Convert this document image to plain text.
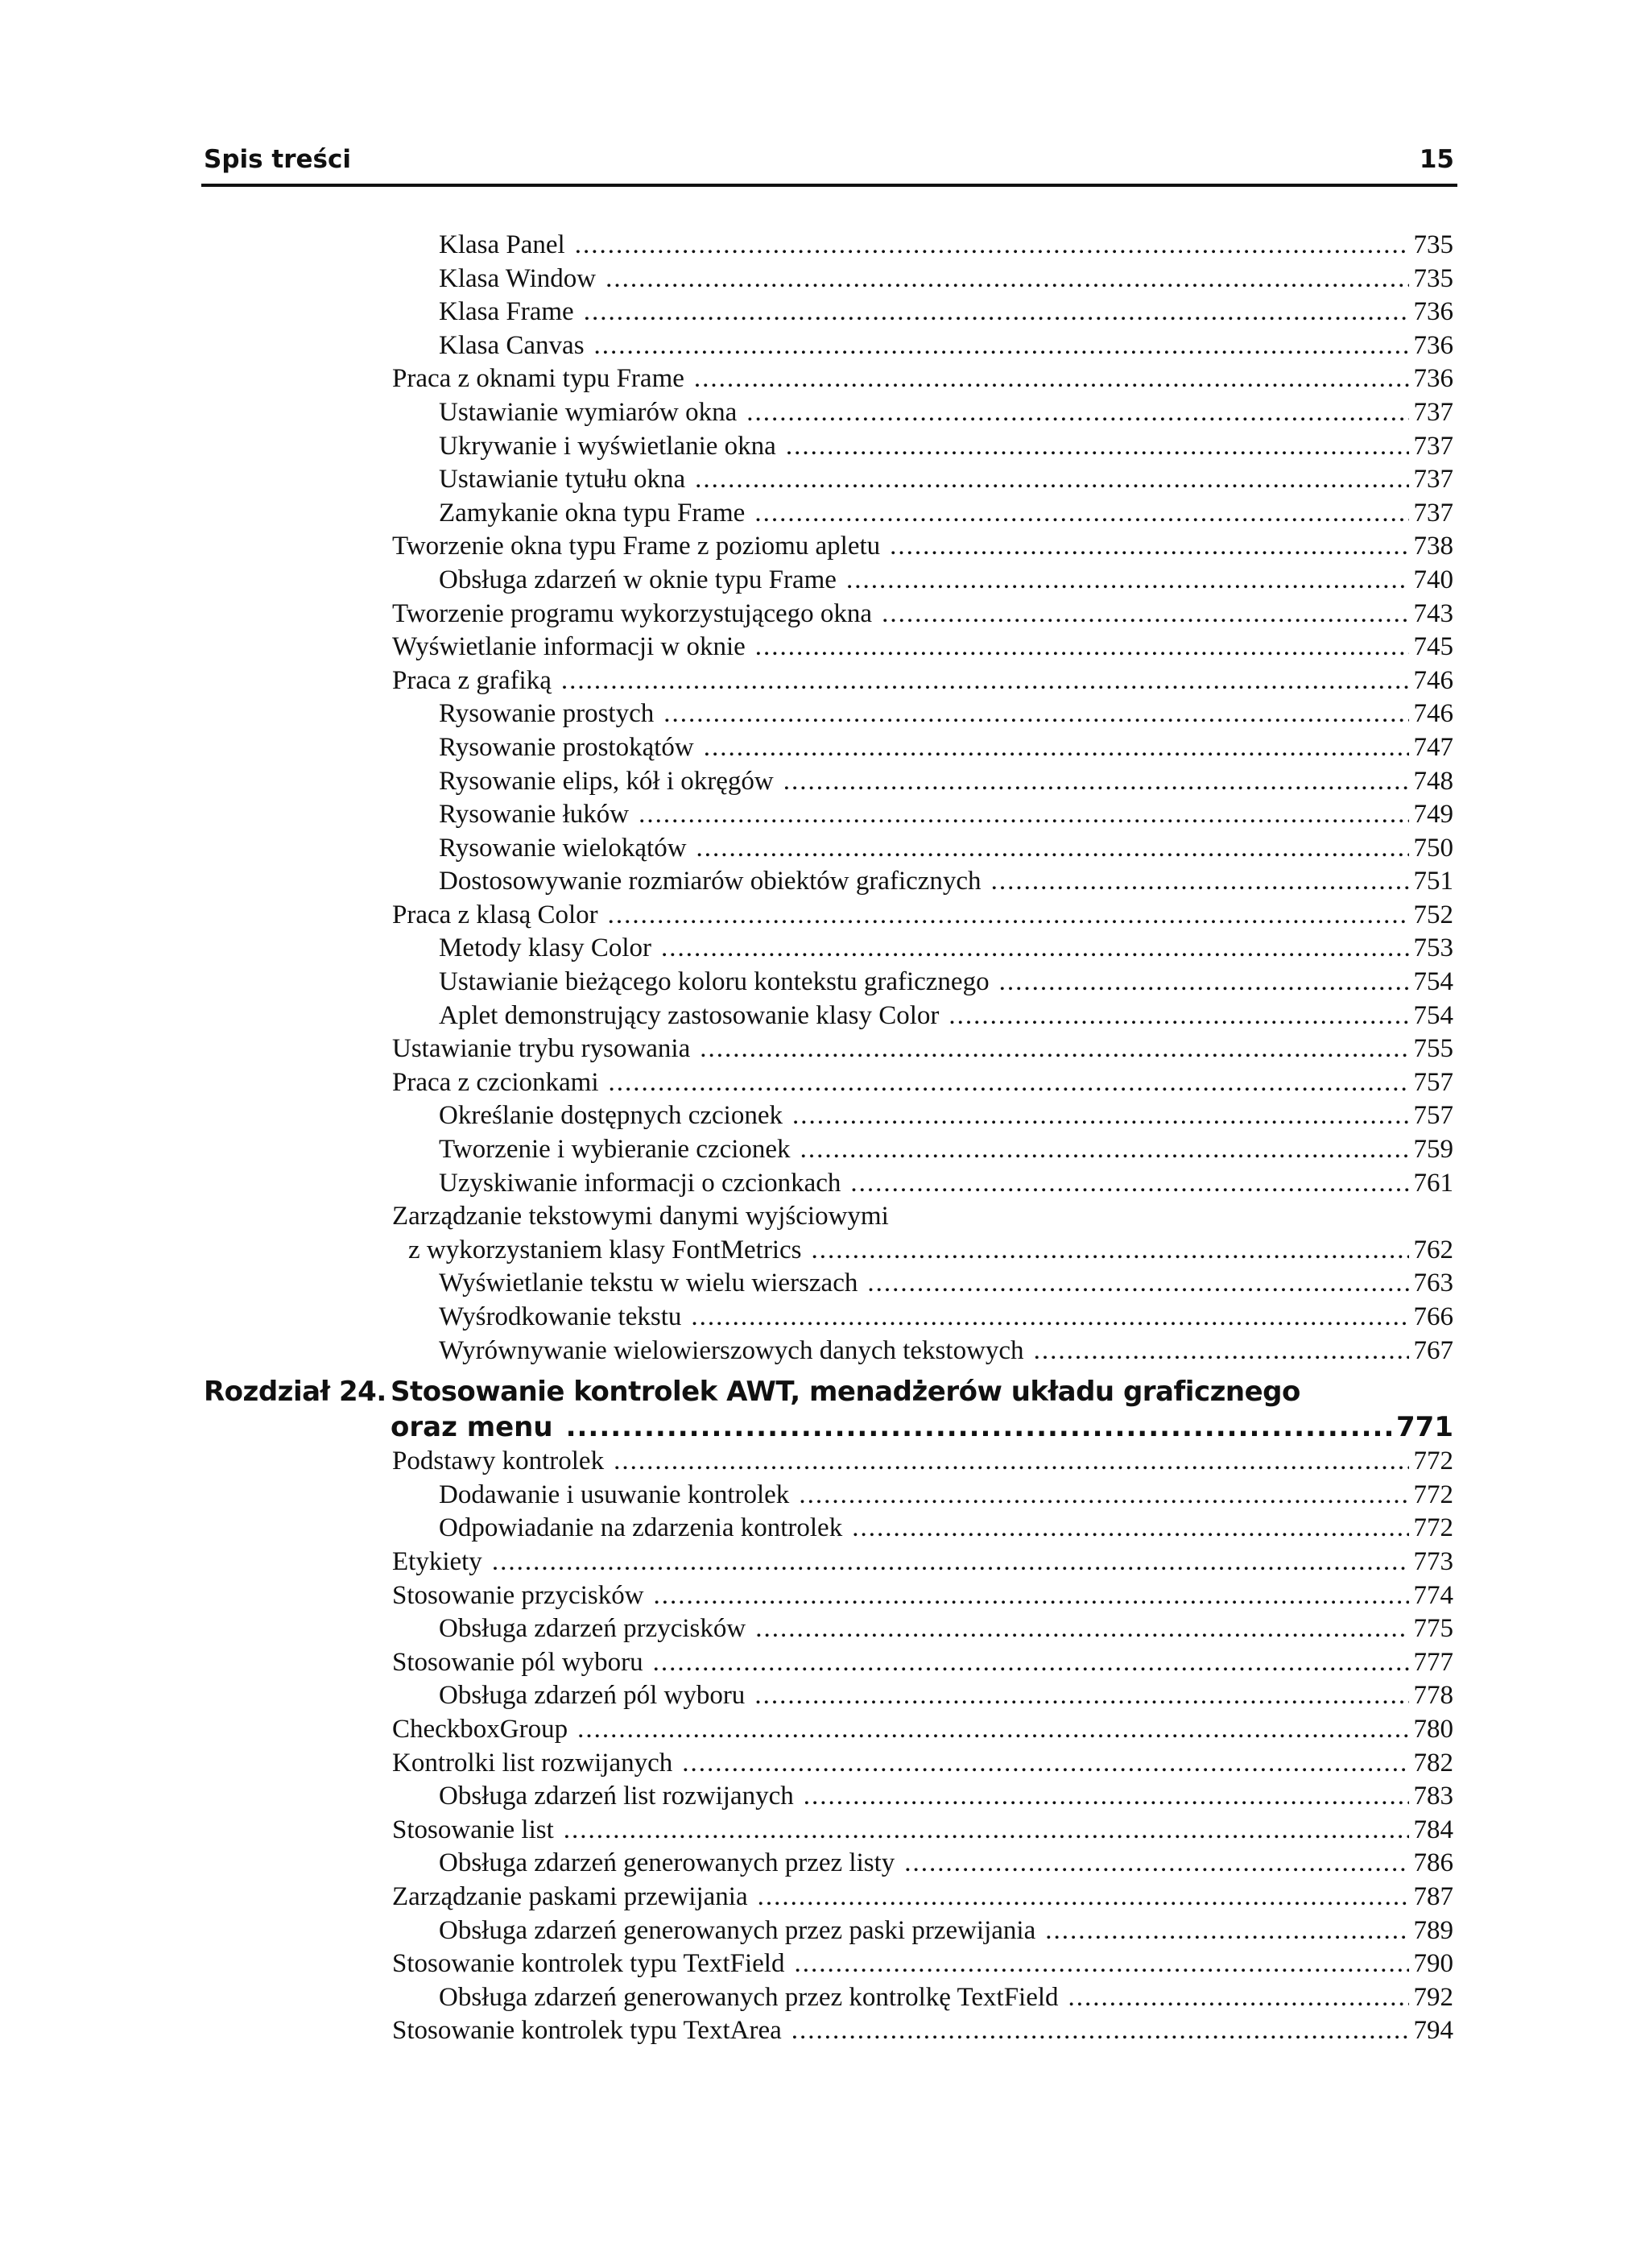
Spis treści	15
Klasa Panel .....	735
Klasa Window .....	735
Klasa Frame .....	736
Klasa Canvas .....	736
Praca z oknami typu Frame .....	736
Ustawianie wymiarów okna .....	737
Ukrywanie i wyświetlanie okna .....	737
Ustawianie tytułu okna .....	737
Zamykanie okna typu Frame .....	737
Tworzenie okna typu Frame z poziomu apletu .....	738
Obsługa zdarzeń w oknie typu Frame .....	740
Tworzenie programu wykorzystującego okna .....	743
Wyświetlanie informacji w oknie .....	745
Praca z grafiką .....	746
Rysowanie prostych .....	746
Rysowanie prostokątów .....	747
Rysowanie elips, kół i okręgów .....	748
Rysowanie łuków .....	749
Rysowanie wielokątów .....	750
Dostosowywanie rozmiarów obiektów graficznych .....	751
Praca z klasą Color .....	752
Metody klasy Color .....	753
Ustawianie bieżącego koloru kontekstu graficznego .....	754
Aplet demonstrujący zastosowanie klasy Color .....	754
Ustawianie trybu rysowania .....	755
Praca z czcionkami .....	757
Określanie dostępnych czcionek .....	757
Tworzenie i wybieranie czcionek .....	759
Uzyskiwanie informacji o czcionkach .....	761
Zarządzanie tekstowymi danymi wyjściowymi
z wykorzystaniem klasy FontMetrics .....	762
Wyświetlanie tekstu w wielu wierszach .....	763
Wyśrodkowanie tekstu .....	766
Wyrównywanie wielowierszowych danych tekstowych .....	767
Rozdział 24. Stosowanie kontrolek AWT, menadżerów układu graficznego
oraz menu .....	771
Podstawy kontrolek .....	772
Dodawanie i usuwanie kontrolek .....	772
Odpowiadanie na zdarzenia kontrolek .....	772
Etykiety .....	773
Stosowanie przycisków .....	774
Obsługa zdarzeń przycisków .....	775
Stosowanie pól wyboru .....	777
Obsługa zdarzeń pól wyboru .....	778
CheckboxGroup .....	780
Kontrolki list rozwijanych .....	782
Obsługa zdarzeń list rozwijanych .....	783
Stosowanie list .....	784
Obsługa zdarzeń generowanych przez listy .....	786
Zarządzanie paskami przewijania .....	787
Obsługa zdarzeń generowanych przez paski przewijania .....	789
Stosowanie kontrolek typu TextField .....	790
Obsługa zdarzeń generowanych przez kontrolkę TextField .....	792
Stosowanie kontrolek typu TextArea .....	794
